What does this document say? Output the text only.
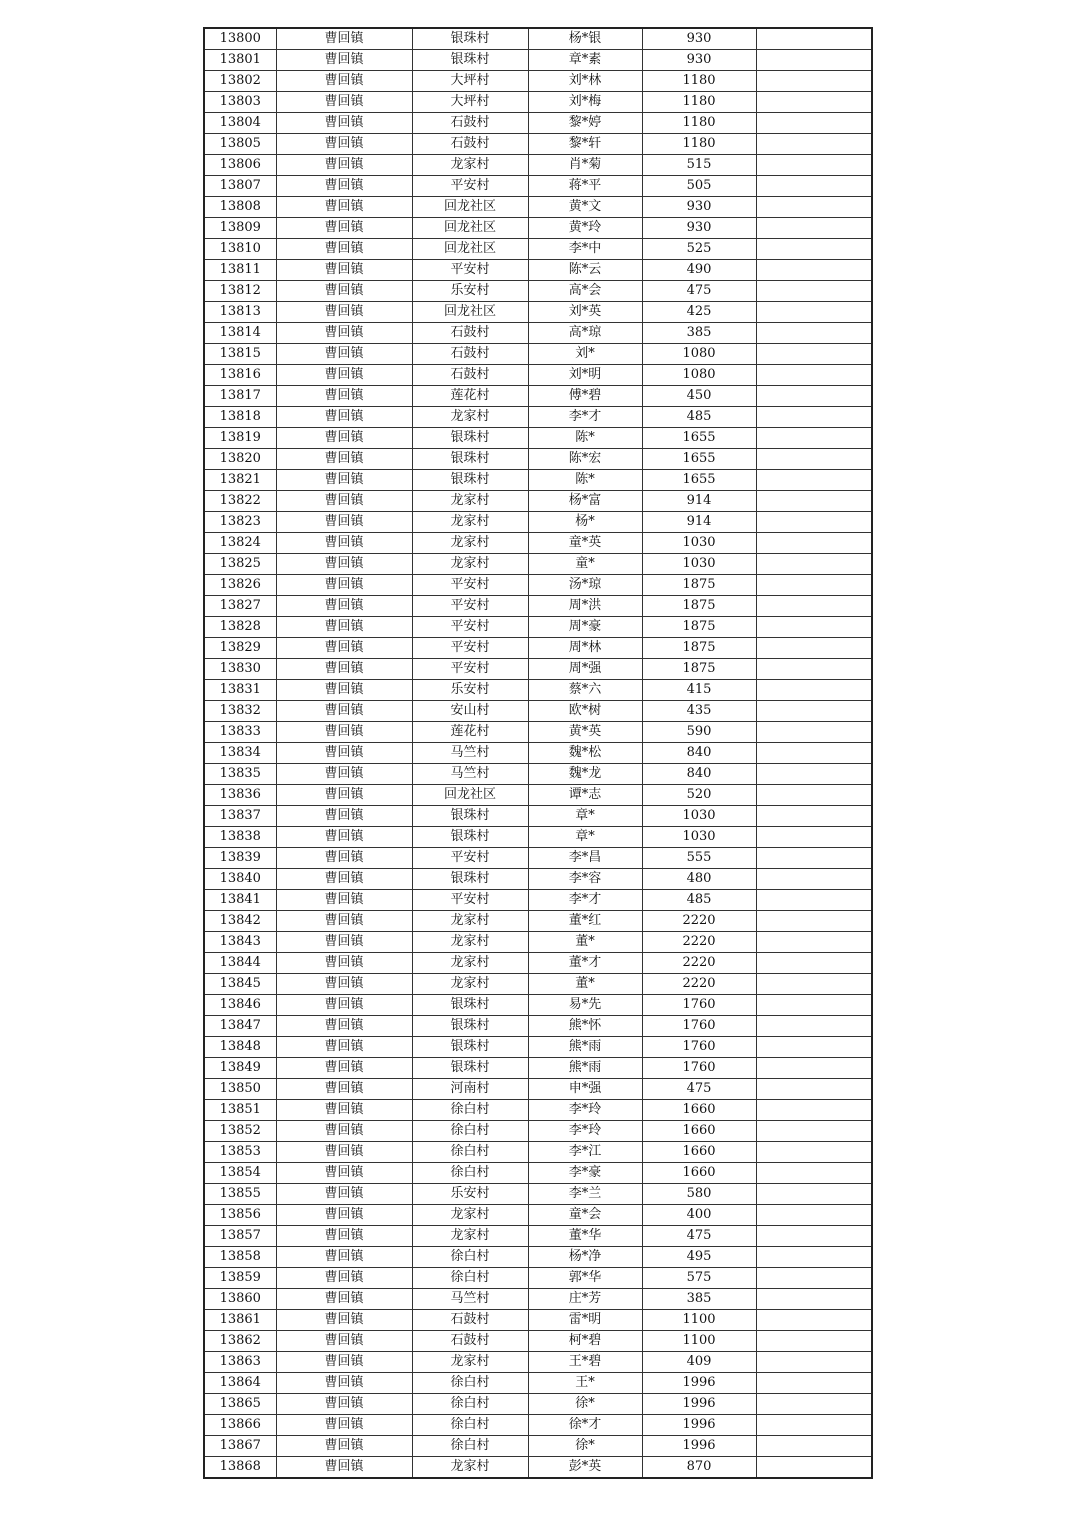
13800	曹回镇	银珠村	杨*银	930	
13801	曹回镇	银珠村	章*素	930	
13802	曹回镇	大坪村	刘*林	1180	
13803	曹回镇	大坪村	刘*梅	1180	
13804	曹回镇	石鼓村	黎*婷	1180	
13805	曹回镇	石鼓村	黎*轩	1180	
13806	曹回镇	龙家村	肖*菊	515	
13807	曹回镇	平安村	蒋*平	505	
13808	曹回镇	回龙社区	黄*文	930	
13809	曹回镇	回龙社区	黄*玲	930	
13810	曹回镇	回龙社区	李*中	525	
13811	曹回镇	平安村	陈*云	490	
13812	曹回镇	乐安村	高*会	475	
13813	曹回镇	回龙社区	刘*英	425	
13814	曹回镇	石鼓村	高*琼	385	
13815	曹回镇	石鼓村	刘*	1080	
13816	曹回镇	石鼓村	刘*明	1080	
13817	曹回镇	莲花村	傅*碧	450	
13818	曹回镇	龙家村	李*才	485	
13819	曹回镇	银珠村	陈*	1655	
13820	曹回镇	银珠村	陈*宏	1655	
13821	曹回镇	银珠村	陈*	1655	
13822	曹回镇	龙家村	杨*富	914	
13823	曹回镇	龙家村	杨*	914	
13824	曹回镇	龙家村	童*英	1030	
13825	曹回镇	龙家村	童*	1030	
13826	曹回镇	平安村	汤*琼	1875	
13827	曹回镇	平安村	周*洪	1875	
13828	曹回镇	平安村	周*豪	1875	
13829	曹回镇	平安村	周*林	1875	
13830	曹回镇	平安村	周*强	1875	
13831	曹回镇	乐安村	蔡*六	415	
13832	曹回镇	安山村	欧*树	435	
13833	曹回镇	莲花村	黄*英	590	
13834	曹回镇	马竺村	魏*松	840	
13835	曹回镇	马竺村	魏*龙	840	
13836	曹回镇	回龙社区	谭*志	520	
13837	曹回镇	银珠村	章*	1030	
13838	曹回镇	银珠村	章*	1030	
13839	曹回镇	平安村	李*昌	555	
13840	曹回镇	银珠村	李*容	480	
13841	曹回镇	平安村	李*才	485	
13842	曹回镇	龙家村	董*红	2220	
13843	曹回镇	龙家村	董*	2220	
13844	曹回镇	龙家村	董*才	2220	
13845	曹回镇	龙家村	董*	2220	
13846	曹回镇	银珠村	易*先	1760	
13847	曹回镇	银珠村	熊*怀	1760	
13848	曹回镇	银珠村	熊*雨	1760	
13849	曹回镇	银珠村	熊*雨	1760	
13850	曹回镇	河南村	申*强	475	
13851	曹回镇	徐白村	李*玲	1660	
13852	曹回镇	徐白村	李*玲	1660	
13853	曹回镇	徐白村	李*江	1660	
13854	曹回镇	徐白村	李*豪	1660	
13855	曹回镇	乐安村	李*兰	580	
13856	曹回镇	龙家村	童*会	400	
13857	曹回镇	龙家村	董*华	475	
13858	曹回镇	徐白村	杨*净	495	
13859	曹回镇	徐白村	郭*华	575	
13860	曹回镇	马竺村	庄*芳	385	
13861	曹回镇	石鼓村	雷*明	1100	
13862	曹回镇	石鼓村	柯*碧	1100	
13863	曹回镇	龙家村	王*碧	409	
13864	曹回镇	徐白村	王*	1996	
13865	曹回镇	徐白村	徐*	1996	
13866	曹回镇	徐白村	徐*才	1996	
13867	曹回镇	徐白村	徐*	1996	
13868	曹回镇	龙家村	彭*英	870	
